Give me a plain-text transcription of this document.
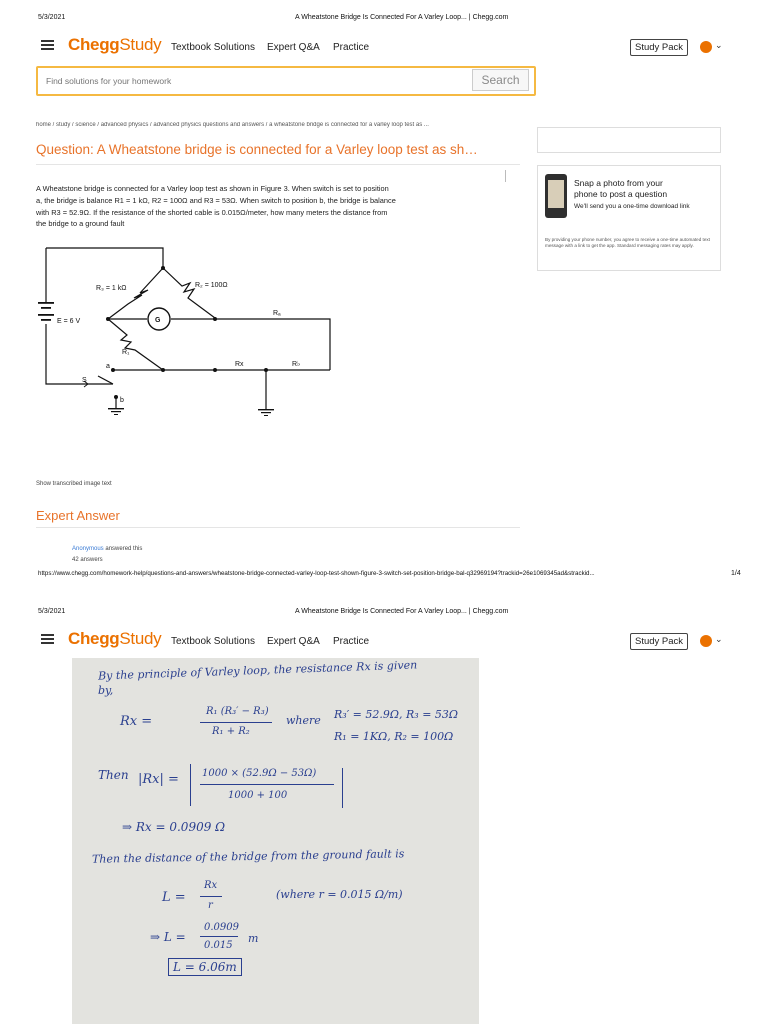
5/3/2021	A Wheatstone Bridge Is Connected For A Varley Loop... | Chegg.com
CheggStudy Textbook Solutions Expert Q&A Practice	Study Pack	⌄
Find solutions for your homework
Search
home / study / science / advanced physics / advanced physics questions and answers / a wheatstone bridge is connected for a varley loop test as ...
Question: A Wheatstone bridge is connected for a Varley loop test as sh…
A Wheatstone bridge is connected for a Varley loop test as shown in Figure 3. When switch is set to position a, the bridge is balance R1 = 1 kΩ, R2 = 100Ω and R3 = 53Ω. When switch to position b, the bridge is balance with R3 = 52.9Ω. If the resistance of the shorted cable is 0.015Ω/meter, how many meters the distance from the bridge to a ground fault
R₃ = 1 kΩ	R₂ = 100Ω
G
Rₐ
E = 6 V
R₁
Rx	R♭
a
b
S
Show transcribed image text
Expert Answer
Anonymous answered this
42 answers
Snap a photo from your
phone to post a question
We'll send you a one-time download link
By providing your phone number, you agree to receive a one-time automated text message with a link to get the app. Standard messaging rates may apply.
https://www.chegg.com/homework-help/questions-and-answers/wheatstone-bridge-connected-varley-loop-test-shown-figure-3-switch-set-position-bridge-bal-q32969194?trackid=26e1069345ad&strackid...	1/4
5/3/2021	A Wheatstone Bridge Is Connected For A Varley Loop... | Chegg.com
CheggStudy Textbook Solutions Expert Q&A Practice	Study Pack	⌄
By the principle of Varley loop, the resistance Rx is given
by,
Rx =
R₁ (R₃′ − R₃)
R₁ + R₂
where R₃′ = 52.9Ω, R₃ = 53Ω
R₁ = 1KΩ, R₂ = 100Ω
Then |Rx| = 1000 × (52.9Ω − 53Ω)
1000 + 100
⇒ Rx = 0.0909 Ω
Then the distance of the bridge from the ground fault is
L =
Rx
r
(where r = 0.015 Ω/m)
⇒ L =
0.0909
0.015
m
L = 6.06m
